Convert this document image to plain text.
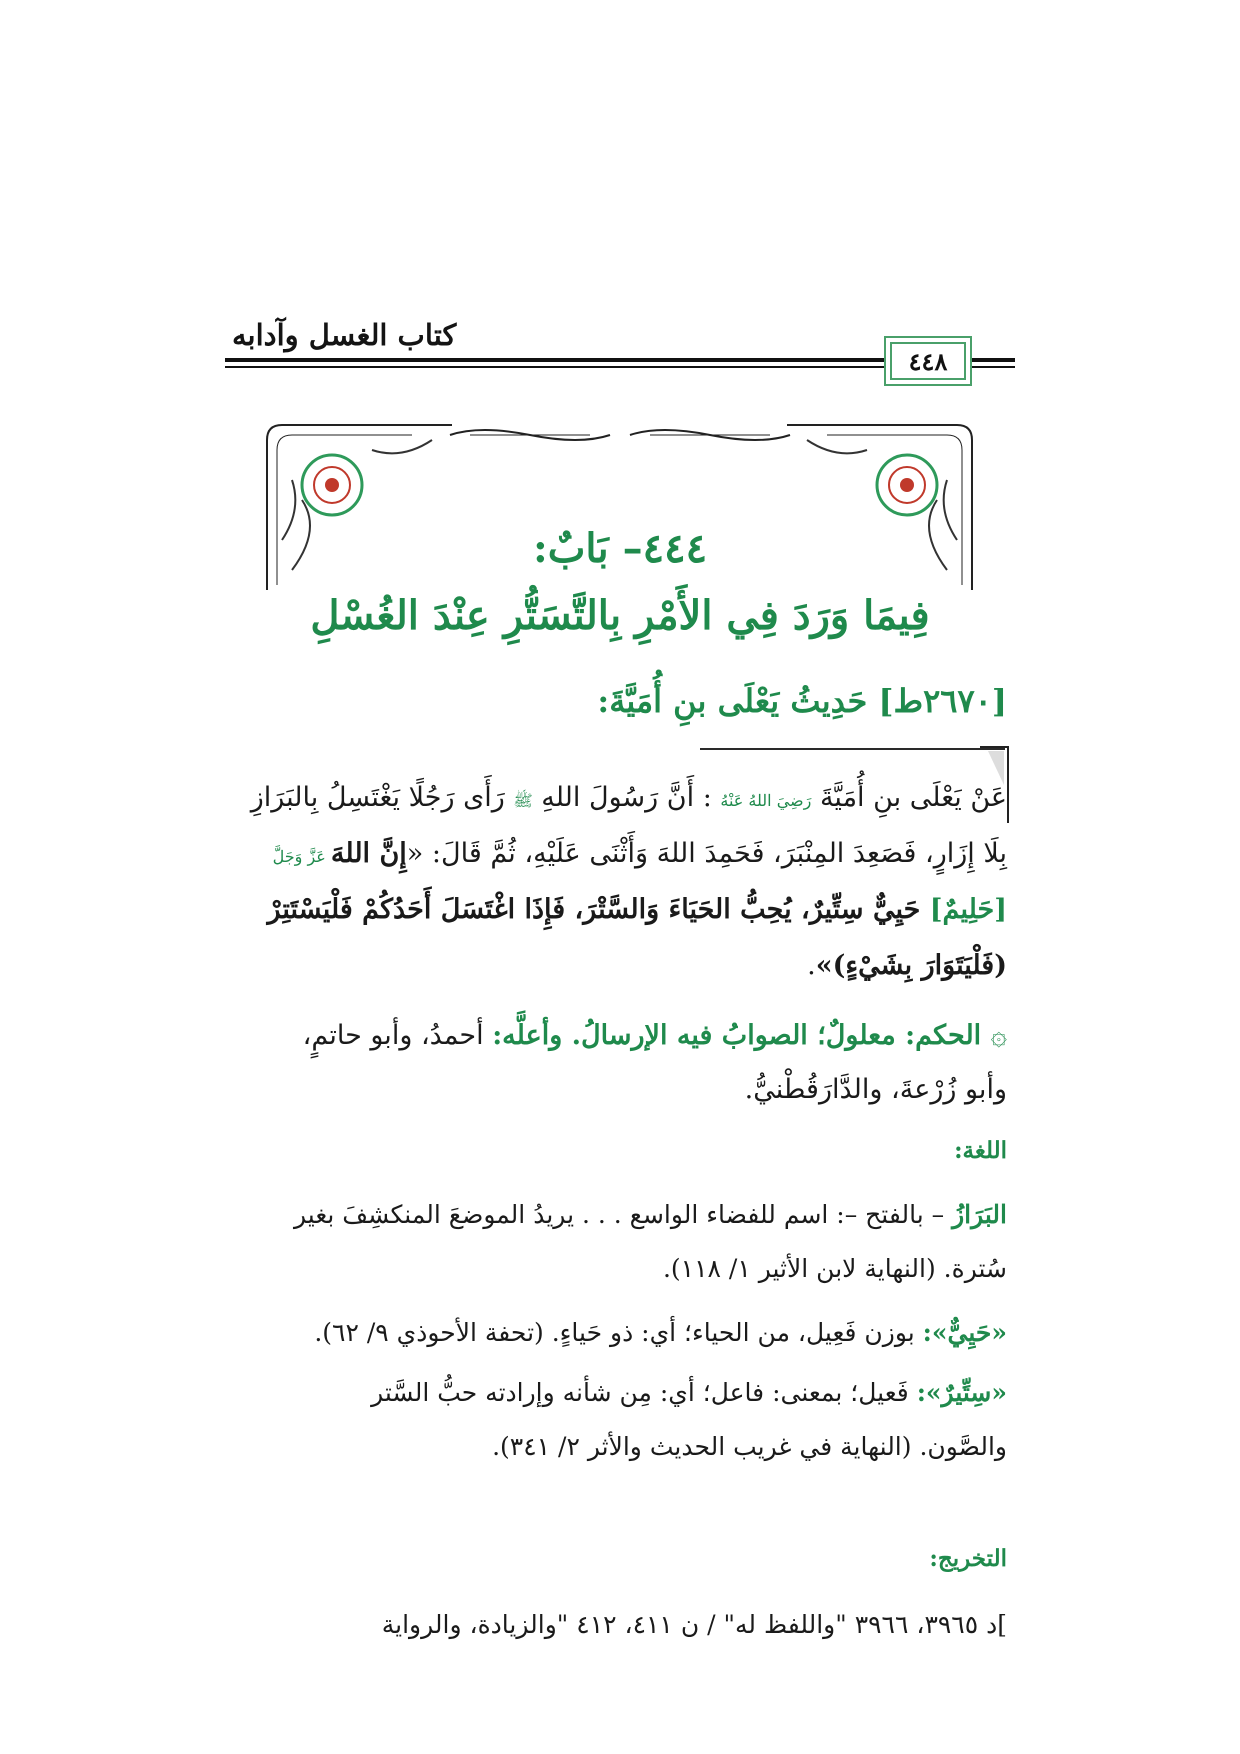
كتاب الغسل وآدابه
٤٤٨
٤٤٤– بَابٌ:
فِيمَا وَرَدَ فِي الأَمْرِ بِالتَّسَتُّرِ عِنْدَ الغُسْلِ
[٢٦٧٠ط] حَدِيثُ يَعْلَى بنِ أُمَيَّةَ:
عَنْ يَعْلَى بنِ أُمَيَّةَ رَضِيَ اللهُ عَنْهُ : أَنَّ رَسُولَ اللهِ ﷺ رَأَى رَجُلًا يَغْتَسِلُ بِالبَرَازِ
بِلَا إِزَارٍ، فَصَعِدَ المِنْبَرَ، فَحَمِدَ اللهَ وَأَثْنَى عَلَيْهِ، ثُمَّ قَالَ: «إِنَّ اللهَ عَزَّ وَجَلَّ
[حَلِيمٌ] حَيِيٌّ سِتِّيرٌ، يُحِبُّ الحَيَاءَ وَالسَّتْرَ، فَإِذَا اغْتَسَلَ أَحَدُكُمْ فَلْيَسْتَتِرْ
(فَلْيَتَوَارَ بِشَيْءٍ)».
۞ الحكم: معلولٌ؛ الصوابُ فيه الإرسالُ. وأعلَّه: أحمدُ، وأبو حاتمٍ،
وأبو زُرْعةَ، والدَّارَقُطْنيُّ.
اللغة:
البَرَازُ – بالفتح –: اسم للفضاء الواسع . . . يريدُ الموضعَ المنكشِفَ بغير
سُترة. (النهاية لابن الأثير ١/ ١١٨).
«حَيِيٌّ»: بوزن فَعِيل، من الحياء؛ أي: ذو حَياءٍ. (تحفة الأحوذي ٩/ ٦٢).
«سِتِّيرٌ»: فَعيل؛ بمعنى: فاعل؛ أي: مِن شأنه وإرادته حبُّ السَّتر
والصَّون. (النهاية في غريب الحديث والأثر ٢/ ٣٤١).
التخريج:
]د ٣٩٦٥، ٣٩٦٦ "واللفظ له" / ن ٤١١، ٤١٢ "والزيادة، والرواية
